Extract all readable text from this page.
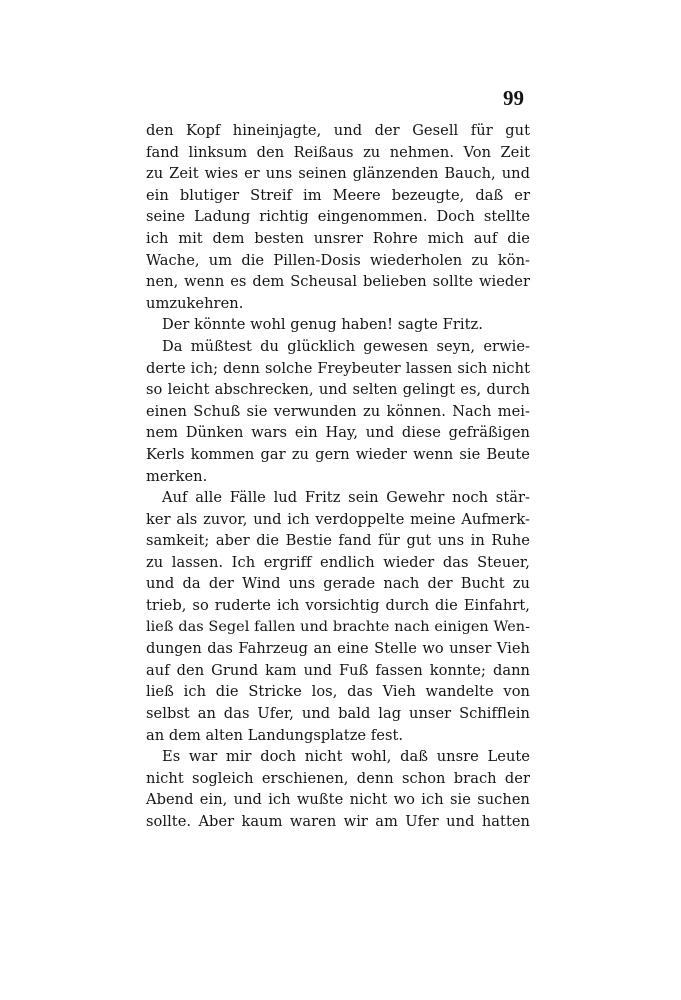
99
den Kopf hineinjagte, und der Gesell für gut
fand linksum den Reißaus zu nehmen. Von Zeit
zu Zeit wies er uns seinen glänzenden Bauch, und
ein blutiger Streif im Meere bezeugte, daß er
seine Ladung richtig eingenommen. Doch stellte
ich mit dem besten unsrer Rohre mich auf die
Wache, um die Pillen-Dosis wiederholen zu kön-
nen, wenn es dem Scheusal belieben sollte wieder
umzukehren.
Der könnte wohl genug haben! sagte Fritz.
Da müßtest du glücklich gewesen seyn, erwie-
derte ich; denn solche Freybeuter lassen sich nicht
so leicht abschrecken, und selten gelingt es, durch
einen Schuß sie verwunden zu können. Nach mei-
nem Dünken wars ein Hay, und diese gefräßigen
Kerls kommen gar zu gern wieder wenn sie Beute
merken.
Auf alle Fälle lud Fritz sein Gewehr noch stär-
ker als zuvor, und ich verdoppelte meine Aufmerk-
samkeit; aber die Bestie fand für gut uns in Ruhe
zu lassen. Ich ergriff endlich wieder das Steuer,
und da der Wind uns gerade nach der Bucht zu
trieb, so ruderte ich vorsichtig durch die Einfahrt,
ließ das Segel fallen und brachte nach einigen Wen-
dungen das Fahrzeug an eine Stelle wo unser Vieh
auf den Grund kam und Fuß fassen konnte; dann
ließ ich die Stricke los, das Vieh wandelte von
selbst an das Ufer, und bald lag unser Schifflein
an dem alten Landungsplatze fest.
Es war mir doch nicht wohl, daß unsre Leute
nicht sogleich erschienen, denn schon brach der
Abend ein, und ich wußte nicht wo ich sie suchen
sollte. Aber kaum waren wir am Ufer und hatten
